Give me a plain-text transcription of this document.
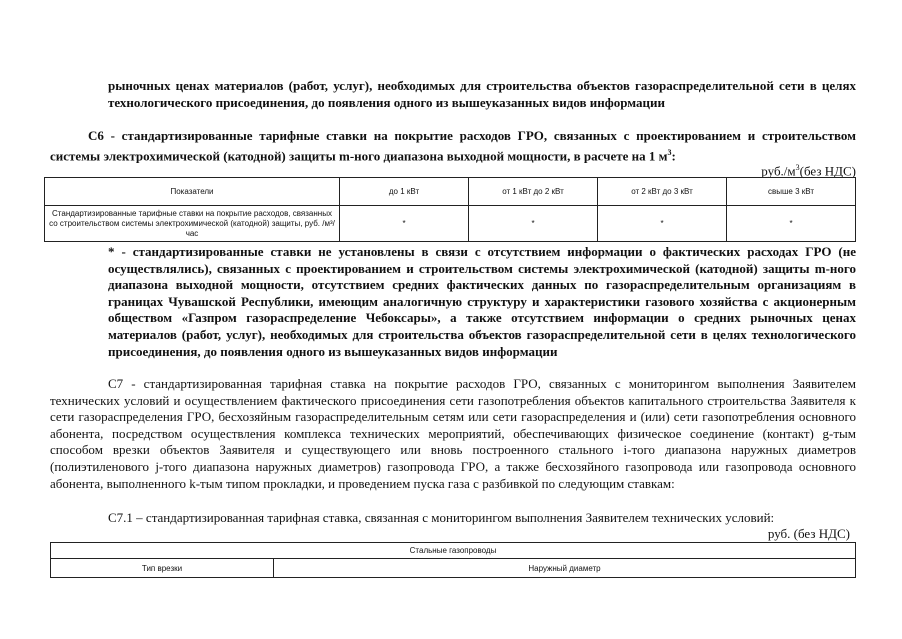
рыночных ценах материалов (работ, услуг), необходимых для строительства объектов газораспределительной сети в целях технологического присоединения, до появления одного из вышеуказанных видов информации
С6 - стандартизированные тарифные ставки на покрытие расходов ГРО, связанных с проектированием и строительством системы электрохимической (катодной) защиты m-ного диапазона выходной мощности, в расчете на 1 $м^3$:
$руб./м^3(без$ НДС)
Показатели	до 1 кВт	от 1 кВт до 2 кВт	от 2 кВт до 3 кВт	свыше 3 кВт
Стандартизированные тарифные ставки на покрытие расходов, связанных со строительством системы электрохимической (катодной) защиты, руб. /м³/час	*	*	*	*
* - стандартизированные ставки не установлены в связи с отсутствием информации о фактических расходах ГРО (не осуществлялись), связанных с проектированием и строительством системы электрохимической (катодной) защиты m-ного диапазона выходной мощности, отсутствием средних фактических данных по газораспределительным организациям в границах Чувашской Республики, имеющим аналогичную структуру и характеристики газового хозяйства с акционерным обществом «Газпром газораспределение Чебоксары», а также отсутствием информации о средних рыночных ценах материалов (работ, услуг), необходимых для строительства объектов газораспределительной сети в целях технологического присоединения, до появления одного из вышеуказанных видов информации
С7 - стандартизированная тарифная ставка на покрытие расходов ГРО, связанных с мониторингом выполнения Заявителем технических условий и осуществлением фактического присоединения сети газопотребления объектов капитального строительства Заявителя к сети газораспределения ГРО, бесхозяйным газораспределительным сетям или сети газораспределения и (или) сети газопотребления основного абонента, посредством осуществления комплекса технических мероприятий, обеспечивающих физическое соединение (контакт) g-тым способом врезки объектов Заявителя и существующего или вновь построенного стального i-того диапазона наружных диаметров (полиэтиленового j-того диапазона наружных диаметров) газопровода ГРО, а также бесхозяйного газопровода или газопровода основного абонента, выполненного k-тым типом прокладки, и проведением пуска газа с разбивкой по следующим ставкам:
С7.1 – стандартизированная тарифная ставка, связанная с мониторингом выполнения Заявителем технических условий:
руб. (без НДС)
Стальные газопроводы
Тип врезки	Наружный диаметр
